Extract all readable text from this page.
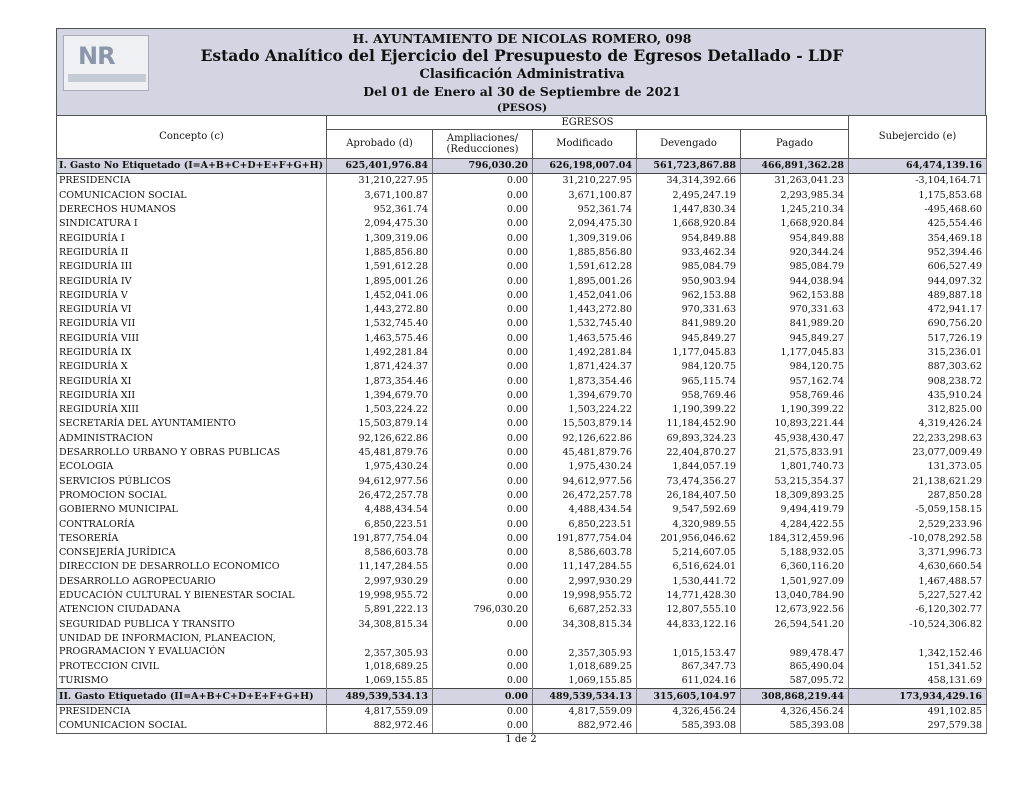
NR
H. AYUNTAMIENTO DE NICOLAS ROMERO, 098
Estado Analítico del Ejercicio del Presupuesto de Egresos Detallado - LDF
Clasificación Administrativa
Del 01 de Enero al 30 de Septiembre de 2021
(PESOS)
Concepto (c)	EGRESOS					Subejercido (e)
	Aprobado (d)	Ampliaciones/ (Reducciones)	Modificado	Devengado	Pagado	
I. Gasto No Etiquetado (I=A+B+C+D+E+F+G+H)	625,401,976.84	796,030.20	626,198,007.04	561,723,867.88	466,891,362.28	64,474,139.16
PRESIDENCIA	31,210,227.95	0.00	31,210,227.95	34,314,392.66	31,263,041.23	-3,104,164.71
COMUNICACION SOCIAL	3,671,100.87	0.00	3,671,100.87	2,495,247.19	2,293,985.34	1,175,853.68
DERECHOS HUMANOS	952,361.74	0.00	952,361.74	1,447,830.34	1,245,210.34	-495,468.60
SINDICATURA I	2,094,475.30	0.00	2,094,475.30	1,668,920.84	1,668,920.84	425,554.46
REGIDURÍA I	1,309,319.06	0.00	1,309,319.06	954,849.88	954,849.88	354,469.18
REGIDURÍA II	1,885,856.80	0.00	1,885,856.80	933,462.34	920,344.24	952,394.46
REGIDURÍA III	1,591,612.28	0.00	1,591,612.28	985,084.79	985,084.79	606,527.49
REGIDURÍA IV	1,895,001.26	0.00	1,895,001.26	950,903.94	944,038.94	944,097.32
REGIDURÍA V	1,452,041.06	0.00	1,452,041.06	962,153.88	962,153.88	489,887.18
REGIDURÍA VI	1,443,272.80	0.00	1,443,272.80	970,331.63	970,331.63	472,941.17
REGIDURÍA VII	1,532,745.40	0.00	1,532,745.40	841,989.20	841,989.20	690,756.20
REGIDURÍA VIII	1,463,575.46	0.00	1,463,575.46	945,849.27	945,849.27	517,726.19
REGIDURÍA IX	1,492,281.84	0.00	1,492,281.84	1,177,045.83	1,177,045.83	315,236.01
REGIDURÍA X	1,871,424.37	0.00	1,871,424.37	984,120.75	984,120.75	887,303.62
REGIDURÍA XI	1,873,354.46	0.00	1,873,354.46	965,115.74	957,162.74	908,238.72
REGIDURÍA XII	1,394,679.70	0.00	1,394,679.70	958,769.46	958,769.46	435,910.24
REGIDURÍA XIII	1,503,224.22	0.00	1,503,224.22	1,190,399.22	1,190,399.22	312,825.00
SECRETARÍA DEL AYUNTAMIENTO	15,503,879.14	0.00	15,503,879.14	11,184,452.90	10,893,221.44	4,319,426.24
ADMINISTRACION	92,126,622.86	0.00	92,126,622.86	69,893,324.23	45,938,430.47	22,233,298.63
DESARROLLO URBANO Y OBRAS PUBLICAS	45,481,879.76	0.00	45,481,879.76	22,404,870.27	21,575,833.91	23,077,009.49
ECOLOGIA	1,975,430.24	0.00	1,975,430.24	1,844,057.19	1,801,740.73	131,373.05
SERVICIOS PÚBLICOS	94,612,977.56	0.00	94,612,977.56	73,474,356.27	53,215,354.37	21,138,621.29
PROMOCION SOCIAL	26,472,257.78	0.00	26,472,257.78	26,184,407.50	18,309,893.25	287,850.28
GOBIERNO MUNICIPAL	4,488,434.54	0.00	4,488,434.54	9,547,592.69	9,494,419.79	-5,059,158.15
CONTRALORÍA	6,850,223.51	0.00	6,850,223.51	4,320,989.55	4,284,422.55	2,529,233.96
TESORERÍA	191,877,754.04	0.00	191,877,754.04	201,956,046.62	184,312,459.96	-10,078,292.58
CONSEJERÍA JURÍDICA	8,586,603.78	0.00	8,586,603.78	5,214,607.05	5,188,932.05	3,371,996.73
DIRECCION DE DESARROLLO ECONOMICO	11,147,284.55	0.00	11,147,284.55	6,516,624.01	6,360,116.20	4,630,660.54
DESARROLLO AGROPECUARIO	2,997,930.29	0.00	2,997,930.29	1,530,441.72	1,501,927.09	1,467,488.57
EDUCACIÓN CULTURAL Y BIENESTAR SOCIAL	19,998,955.72	0.00	19,998,955.72	14,771,428.30	13,040,784.90	5,227,527.42
ATENCION CIUDADANA	5,891,222.13	796,030.20	6,687,252.33	12,807,555.10	12,673,922.56	-6,120,302.77
SEGURIDAD PUBLICA Y TRANSITO	34,308,815.34	0.00	34,308,815.34	44,833,122.16	26,594,541.20	-10,524,306.82
UNIDAD DE INFORMACION, PLANEACION, PROGRAMACION Y EVALUACIÓN	2,357,305.93	0.00	2,357,305.93	1,015,153.47	989,478.47	1,342,152.46
PROTECCION CIVIL	1,018,689.25	0.00	1,018,689.25	867,347.73	865,490.04	151,341.52
TURISMO	1,069,155.85	0.00	1,069,155.85	611,024.16	587,095.72	458,131.69
II. Gasto Etiquetado (II=A+B+C+D+E+F+G+H)	489,539,534.13	0.00	489,539,534.13	315,605,104.97	308,868,219.44	173,934,429.16
PRESIDENCIA	4,817,559.09	0.00	4,817,559.09	4,326,456.24	4,326,456.24	491,102.85
COMUNICACION SOCIAL	882,972.46	0.00	882,972.46	585,393.08	585,393.08	297,579.38
1 de 2
